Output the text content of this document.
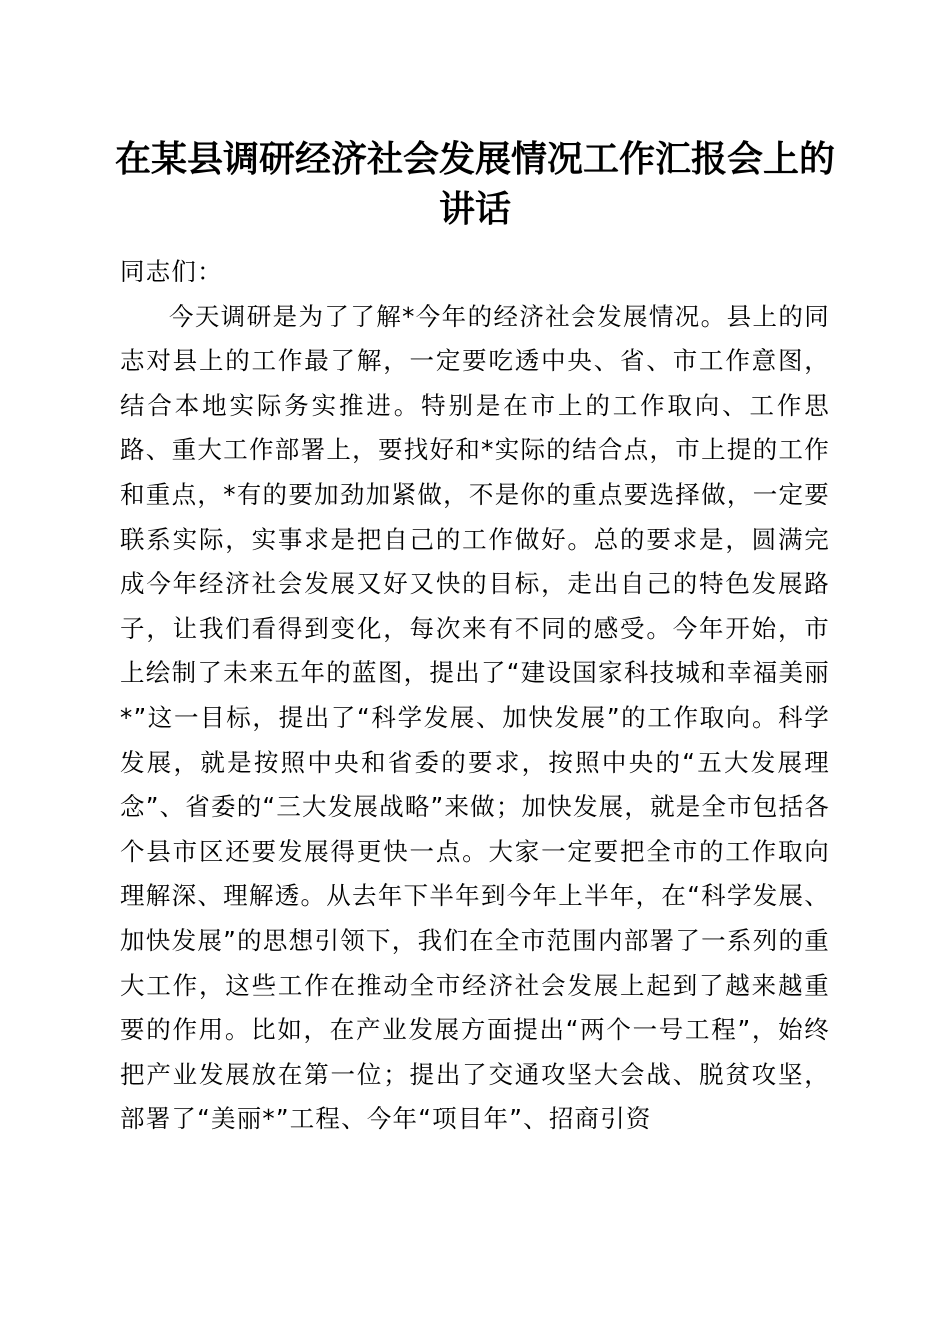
在某县调研经济社会发展情况工作汇报会上的
讲话

同志们：

今天调研是为了了解*今年的经济社会发展情况。县上的同志对县上的工作最了解，一定要吃透中央、省、市工作意图，结合本地实际务实推进。特别是在市上的工作取向、工作思路、重大工作部署上，要找好和*实际的结合点，市上提的工作和重点，*有的要加劲加紧做，不是你的重点要选择做，一定要联系实际，实事求是把自己的工作做好。总的要求是，圆满完成今年经济社会发展又好又快的目标，走出自己的特色发展路子，让我们看得到变化，每次来有不同的感受。今年开始，市上绘制了未来五年的蓝图，提出了“建设国家科技城和幸福美丽*”这一目标，提出了“科学发展、加快发展”的工作取向。科学发展，就是按照中央和省委的要求，按照中央的“五大发展理念”、省委的“三大发展战略”来做；加快发展，就是全市包括各个县市区还要发展得更快一点。大家一定要把全市的工作取向理解深、理解透。从去年下半年到今年上半年，在“科学发展、加快发展”的思想引领下，我们在全市范围内部署了一系列的重大工作，这些工作在推动全市经济社会发展上起到了越来越重要的作用。比如，在产业发展方面提出“两个一号工程”，始终把产业发展放在第一位；提出了交通攻坚大会战、脱贫攻坚，部署了“美丽*”工程、今年“项目年”、招商引资
